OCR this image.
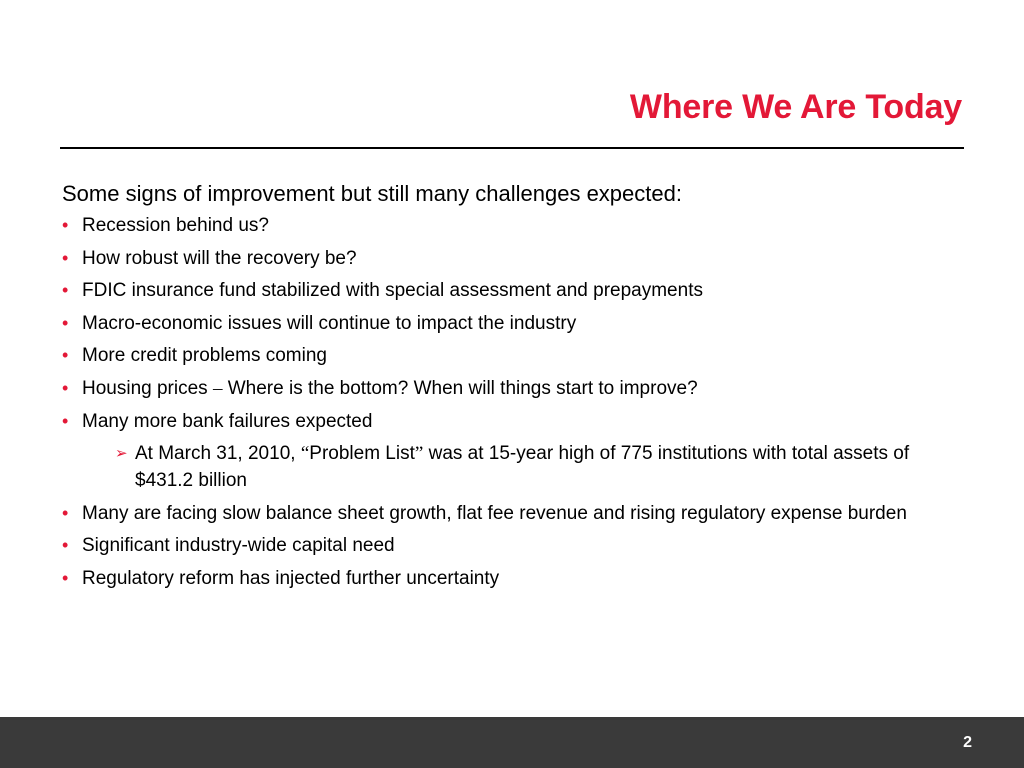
Where We Are Today
Some signs of improvement but still many challenges expected:
• Recession behind us?
• How robust will the recovery be?
• FDIC insurance fund stabilized with special assessment and prepayments
• Macro-economic issues will continue to impact the industry
• More credit problems coming
• Housing prices – Where is the bottom? When will things start to improve?
• Many more bank failures expected
➢ At March 31, 2010, “Problem List” was at 15-year high of 775 institutions with total assets of $431.2 billion
• Many are facing slow balance sheet growth, flat fee revenue and rising regulatory expense burden
• Significant industry-wide capital need
• Regulatory reform has injected further uncertainty
2
